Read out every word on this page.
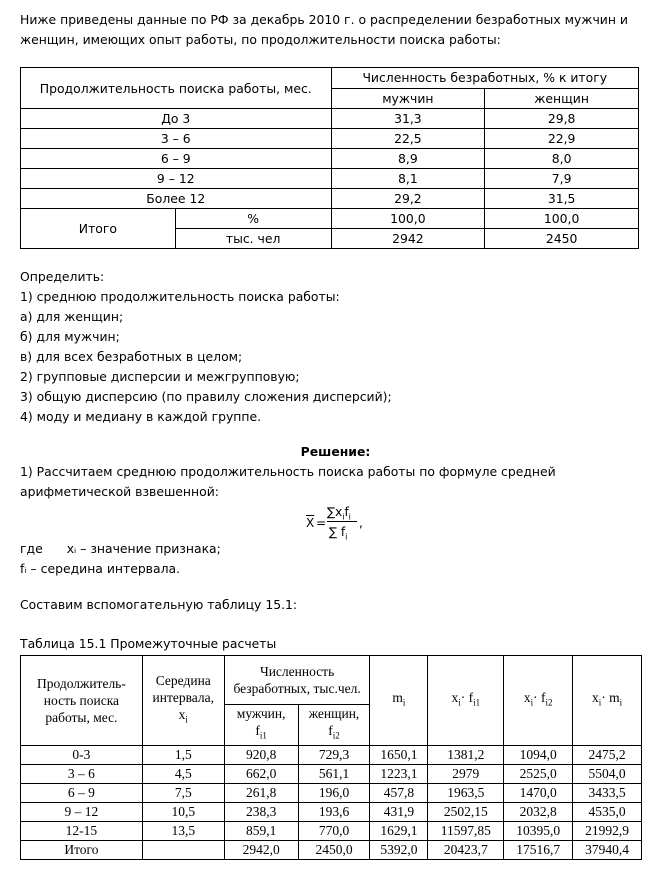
Ниже приведены данные по РФ за декабрь 2010 г. о распределении безработных мужчин и женщин, имеющих опыт работы, по продолжительности поиска работы:

Продолжительность поиска работы, мес.		Численность безработных, % к итогу	
		мужчин	женщин
До 3		31,3	29,8
3 – 6		22,5	22,9
6 – 9		8,9	8,0
9 – 12		8,1	7,9
Более 12		29,2	31,5
Итого	%	100,0	100,0
	тыс. чел	2942	2450

Определить:

1) среднюю продолжительность поиска работы:

а) для женщин;

б) для мужчин;

в) для всех безработных в целом;

2) групповые дисперсии и межгрупповую;

3) общую дисперсию (по правилу сложения дисперсий);

4) моду и медиану в каждой группе.

Решение:

1) Рассчитаем среднюю продолжительность поиска работы по формуле средней арифметической взвешенной:

$\overline{X}$ =
$\sum x_if_i$
∑ $f_i$
,

где xᵢ – значение признака;

fᵢ – середина интервала.

Составим вспомогательную таблицу 15.1:

Таблица 15.1 Промежуточные расчеты

Продолжитель-ность поиска работы, мес.	Середина интервала,
$x_i$	Численность безработных, тыс.чел.		$m_i$	$x_i\cdot f_{i1}$	$x_i\cdot f_{i2}$	$x_i\cdot m_i$
		мужчин,
$f_{i1}$	женщин,
$f_{i2}$
0-3	1,5	920,8	729,3	1650,1	1381,2	1094,0	2475,2
3 – 6	4,5	662,0	561,1	1223,1	2979	2525,0	5504,0
6 – 9	7,5	261,8	196,0	457,8	1963,5	1470,0	3433,5
9 – 12	10,5	238,3	193,6	431,9	2502,15	2032,8	4535,0
12-15	13,5	859,1	770,0	1629,1	11597,85	10395,0	21992,9
Итого		2942,0	2450,0	5392,0	20423,7	17516,7	37940,4
